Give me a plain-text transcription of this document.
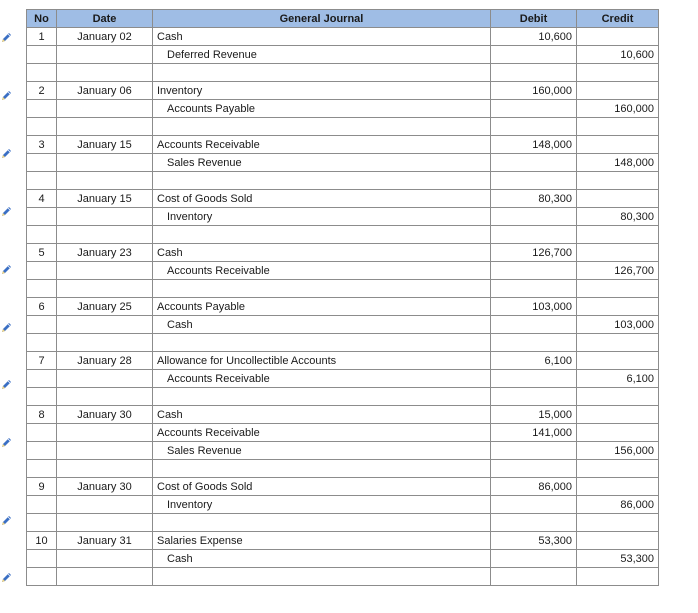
No	Date	General Journal	Debit	Credit
1	January 02	Cash	10,600	
		Deferred Revenue		10,600

2	January 06	Inventory	160,000	
		Accounts Payable		160,000

3	January 15	Accounts Receivable	148,000	
		Sales Revenue		148,000

4	January 15	Cost of Goods Sold	80,300	
		Inventory		80,300

5	January 23	Cash	126,700	
		Accounts Receivable		126,700

6	January 25	Accounts Payable	103,000	
		Cash		103,000

7	January 28	Allowance for Uncollectible Accounts	6,100	
		Accounts Receivable		6,100

8	January 30	Cash	15,000	
		Accounts Receivable	141,000	
		Sales Revenue		156,000

9	January 30	Cost of Goods Sold	86,000	
		Inventory		86,000

10	January 31	Salaries Expense	53,300	
		Cash		53,300
